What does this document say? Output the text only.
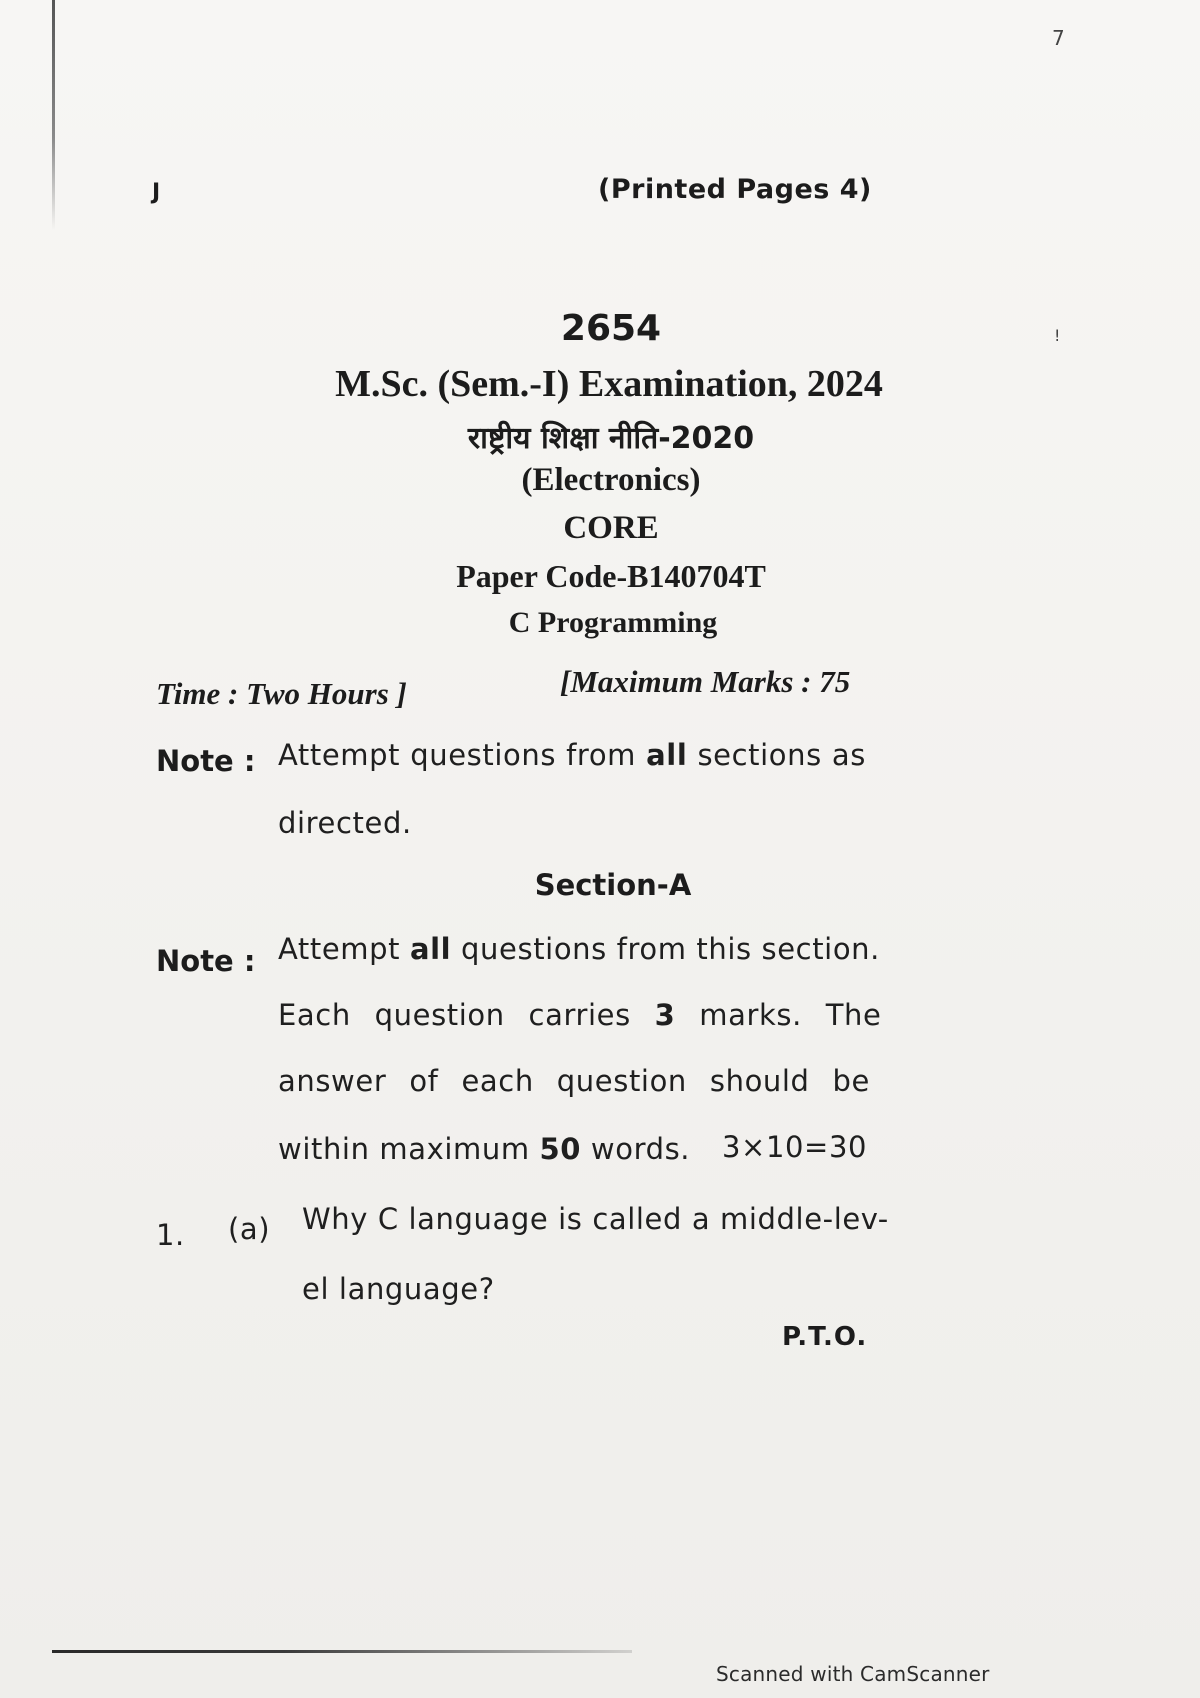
7
!
J	(Printed Pages 4)
2654
M.Sc. (Sem.-I) Examination, 2024
राष्ट्रीय शिक्षा नीति-2020
(Electronics)
CORE
Paper Code-B140704T
C Programming
Time : Two Hours ]	[Maximum Marks : 75
Note : Attempt questions from all sections as
directed.
Section-A
Note : Attempt all questions from this section.
Each question carries 3 marks. The
answer of each question should be
within maximum 50 words. 3×10=30
1. (a) Why C language is called a middle-lev-
el language?
P.T.O.
Scanned with CamScanner
